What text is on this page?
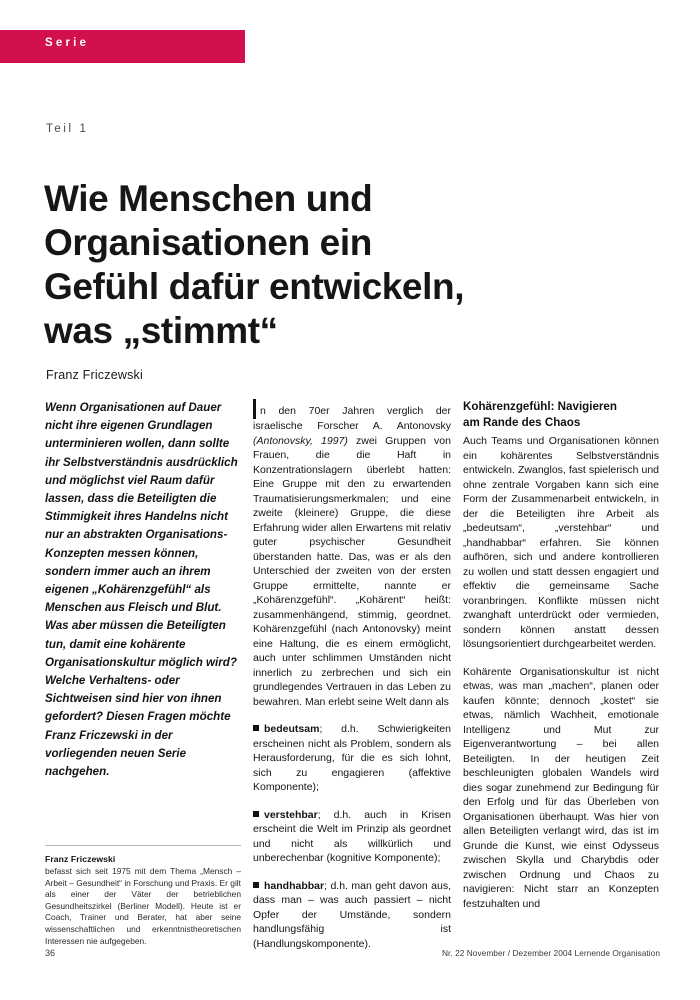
Serie
Teil 1
Wie Menschen und
Organisationen ein
Gefühl dafür entwickeln,
was „stimmt“
Franz Friczewski

Wenn Organisationen auf Dauer nicht ihre eigenen Grundlagen unterminieren wollen, dann sollte ihr Selbstverständnis ausdrücklich und möglichst viel Raum dafür lassen, dass die Beteiligten die Stimmigkeit ihres Handelns nicht nur an abstrakten Organisations-Konzepten messen können, sondern immer auch an ihrem eigenen „Kohärenzgefühl“ als Menschen aus Fleisch und Blut.

Was aber müssen die Beteiligten tun, damit eine kohärente Organisationskultur möglich wird? Welche Verhaltens- oder Sichtweisen sind hier von ihnen gefordert? Diesen Fragen möchte Franz Friczewski in der vorliegenden neuen Serie nachgehen.

Franz Friczewski

befasst sich seit 1975 mit dem Thema „Mensch – Arbeit – Gesundheit“ in Forschung und Praxis. Er gilt als einer der Väter der betrieblichen Gesundheitszirkel (Berliner Modell). Heute ist er Coach, Trainer und Berater, hat aber seine wissenschaftlichen und erkenntnistheoretischen Interessen nie aufgegeben.

n den 70er Jahren verglich der israelische Forscher A. Antonovsky (Antonovsky, 1997) zwei Gruppen von Frauen, die die Haft in Konzentrationslagern überlebt hatten: Eine Gruppe mit den zu erwartenden Traumatisierungsmerkmalen; und eine zweite (kleinere) Gruppe, die diese Erfahrung wider allen Erwartens mit relativ guter psychischer Gesundheit überstanden hatte. Das, was er als den Unterschied der zweiten von der ersten Gruppe ermittelte, nannte er „Kohärenzgefühl“. „Kohärent“ heißt: zusammenhängend, stimmig, geordnet. Kohärenzgefühl (nach Antonovsky) meint eine Haltung, die es einem ermöglicht, auch unter schlimmen Umständen nicht innerlich zu zerbrechen und sich ein grundlegendes Vertrauen in das Leben zu bewahren. Man erlebt seine Welt dann als

bedeutsam; d.h. Schwierigkeiten erscheinen nicht als Problem, sondern als Herausforderung, für die es sich lohnt, sich zu engagieren (affektive Komponente);

verstehbar; d.h. auch in Krisen erscheint die Welt im Prinzip als geordnet und nicht als willkürlich und unberechenbar (kognitive Komponente);

handhabbar; d.h. man geht davon aus, dass man – was auch passiert – nicht Opfer der Umstände, sondern handlungsfähig ist (Handlungskomponente).

Kohärenzgefühl: Navigieren
am Rande des Chaos

Auch Teams und Organisationen können ein kohärentes Selbstverständnis entwickeln. Zwanglos, fast spielerisch und ohne zentrale Vorgaben kann sich eine Form der Zusammenarbeit entwickeln, in der die Beteiligten ihre Arbeit als „bedeutsam“, „verstehbar“ und „handhabbar“ erfahren. Sie können aufhören, sich und andere kontrollieren zu wollen und statt dessen engagiert und effektiv die gemeinsame Sache voranbringen. Konflikte müssen nicht zwanghaft unterdrückt oder vermieden, sondern können anstatt dessen lösungsorientiert durchgearbeitet werden.

Kohärente Organisationskultur ist nicht etwas, was man „machen“, planen oder kaufen könnte; dennoch „kostet“ sie etwas, nämlich Wachheit, emotionale Intelligenz und Mut zur Eigenverantwortung – bei allen Beteiligten. In der heutigen Zeit beschleunigten globalen Wandels wird dies sogar zunehmend zur Bedingung für den Erfolg und für das Überleben von Organisationen überhaupt. Was hier von allen Beteiligten verlangt wird, das ist im Grunde die Kunst, wie einst Odysseus zwischen Skylla und Charybdis oder zwischen Ordnung und Chaos zu navigieren: Nicht starr an Konzepten festzuhalten und

36	Nr. 22 November / Dezember 2004 Lernende Organisation
